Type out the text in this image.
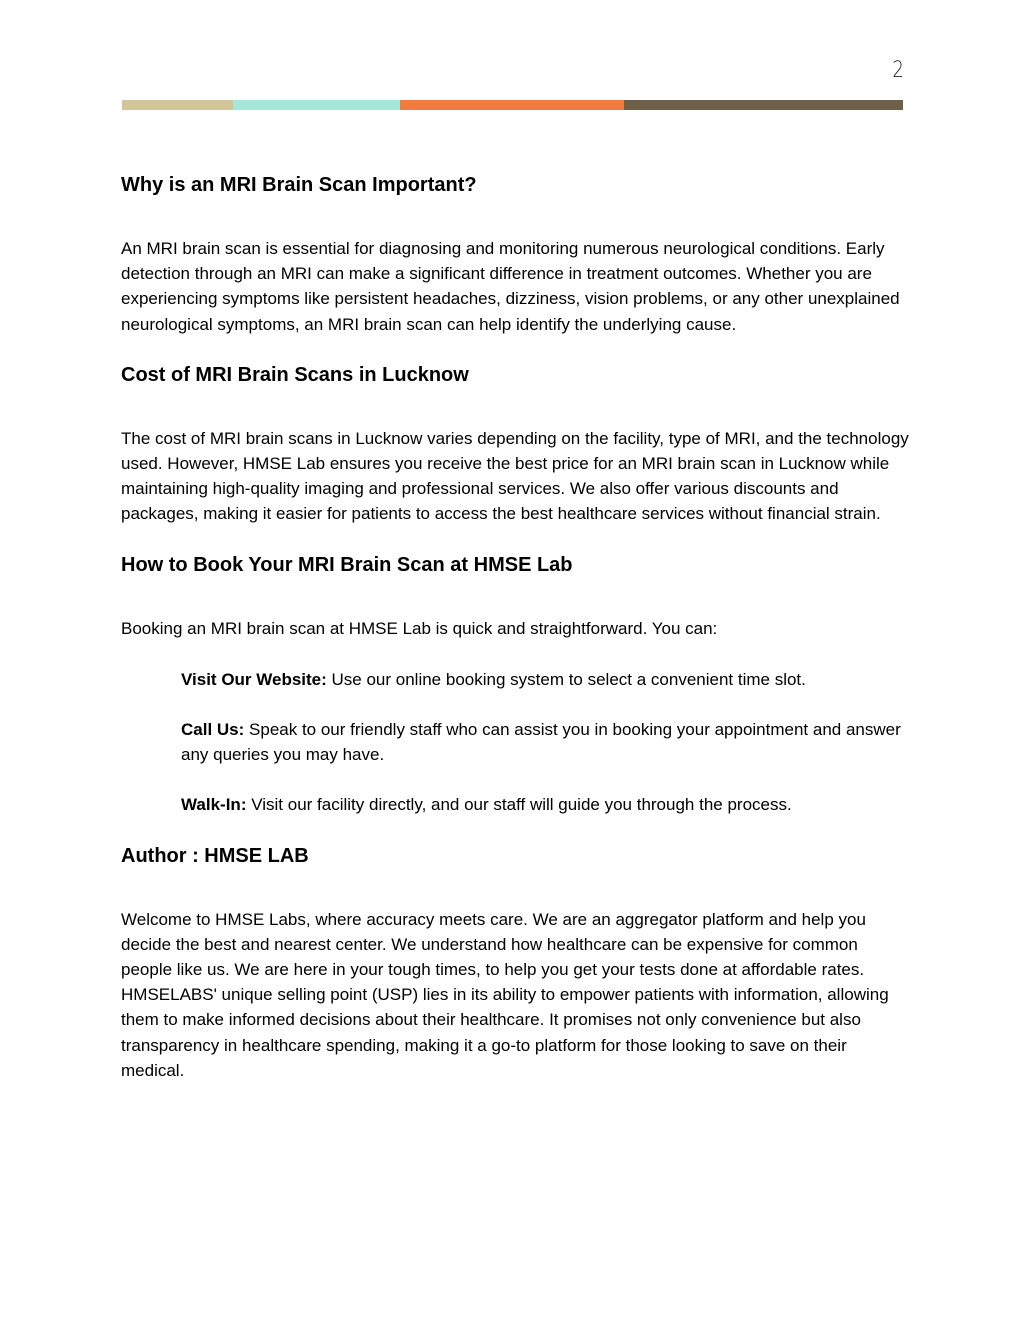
2
Why is an MRI Brain Scan Important?

An MRI brain scan is essential for diagnosing and monitoring numerous neurological conditions. Early detection through an MRI can make a significant difference in treatment outcomes. Whether you are experiencing symptoms like persistent headaches, dizziness, vision problems, or any other unexplained neurological symptoms, an MRI brain scan can help identify the underlying cause.

Cost of MRI Brain Scans in Lucknow

The cost of MRI brain scans in Lucknow varies depending on the facility, type of MRI, and the technology used. However, HMSE Lab ensures you receive the best price for an MRI brain scan in Lucknow while maintaining high-quality imaging and professional services. We also offer various discounts and packages, making it easier for patients to access the best healthcare services without financial strain.

How to Book Your MRI Brain Scan at HMSE Lab

Booking an MRI brain scan at HMSE Lab is quick and straightforward. You can:

Visit Our Website: Use our online booking system to select a convenient time slot.

Call Us: Speak to our friendly staff who can assist you in booking your appointment and answer any queries you may have.

Walk-In: Visit our facility directly, and our staff will guide you through the process.

Author : HMSE LAB

Welcome to HMSE Labs, where accuracy meets care. We are an aggregator platform and help you decide the best and nearest center. We understand how healthcare can be expensive for common people like us. We are here in your tough times, to help you get your tests done at affordable rates. HMSELABS' unique selling point (USP) lies in its ability to empower patients with information, allowing them to make informed decisions about their healthcare. It promises not only convenience but also transparency in healthcare spending, making it a go-to platform for those looking to save on their medical.
